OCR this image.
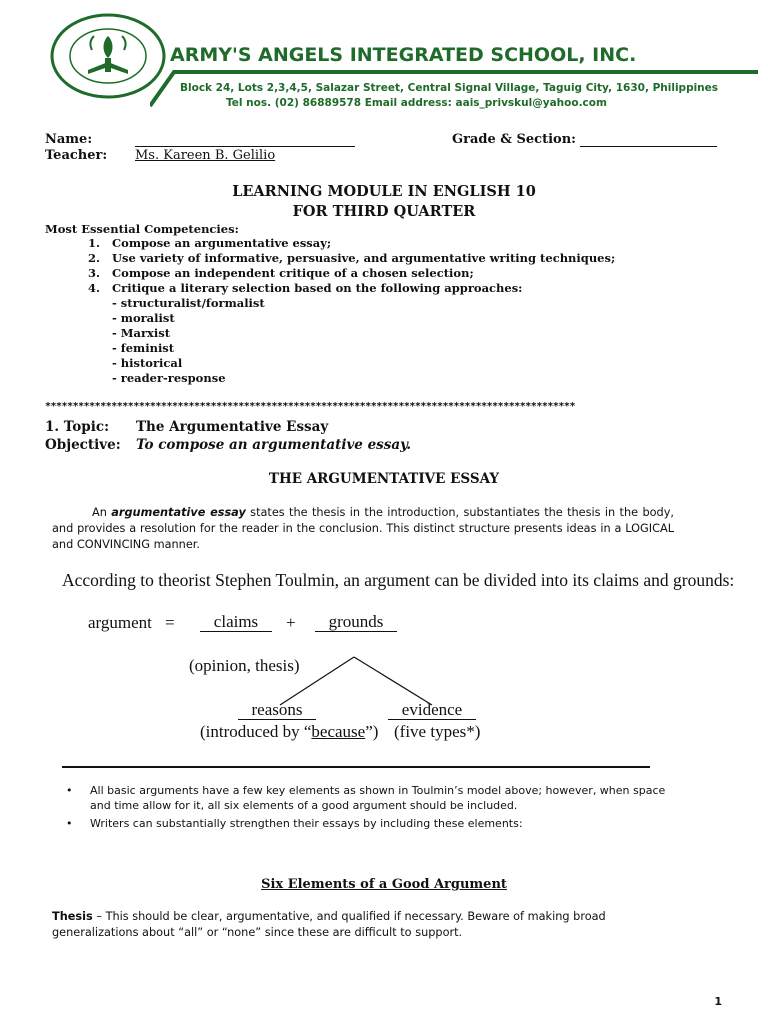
ARMY'S ANGELS INTEGRATED SCHOOL, INC.
Block 24, Lots 2,3,4,5, Salazar Street, Central Signal Village, Taguig City, 1630, Philippines
Tel nos. (02) 86889578 Email address: aais_privskul@yahoo.com
Name:
Teacher: Ms. Kareen B. Gelilio
Grade & Section:
LEARNING MODULE IN ENGLISH 10
FOR THIRD QUARTER
Most Essential Competencies:
1. Compose an argumentative essay;
2. Use variety of informative, persuasive, and argumentative writing techniques;
3. Compose an independent critique of a chosen selection;
4. Critique a literary selection based on the following approaches:
- structuralist/formalist
- moralist
- Marxist
- feminist
- historical
- reader-response
************************************************************************************************
1. Topic: The Argumentative Essay
Objective: To compose an argumentative essay.
THE ARGUMENTATIVE ESSAY
An argumentative essay states the thesis in the introduction, substantiates the thesis in the body, and provides a resolution for the reader in the conclusion. This distinct structure presents ideas in a LOGICAL and CONVINCING manner.
According to theorist Stephen Toulmin, an argument can be divided into its claims and grounds:
argument =	claims	+	grounds
(opinion, thesis)
reasons	evidence
(introduced by “because”) (five types*)
• All basic arguments have a few key elements as shown in Toulmin’s model above; however, when space and time allow for it, all six elements of a good argument should be included.
• Writers can substantially strengthen their essays by including these elements:
Six Elements of a Good Argument
Thesis – This should be clear, argumentative, and qualified if necessary. Beware of making broad generalizations about “all” or “none” since these are difficult to support.
1
